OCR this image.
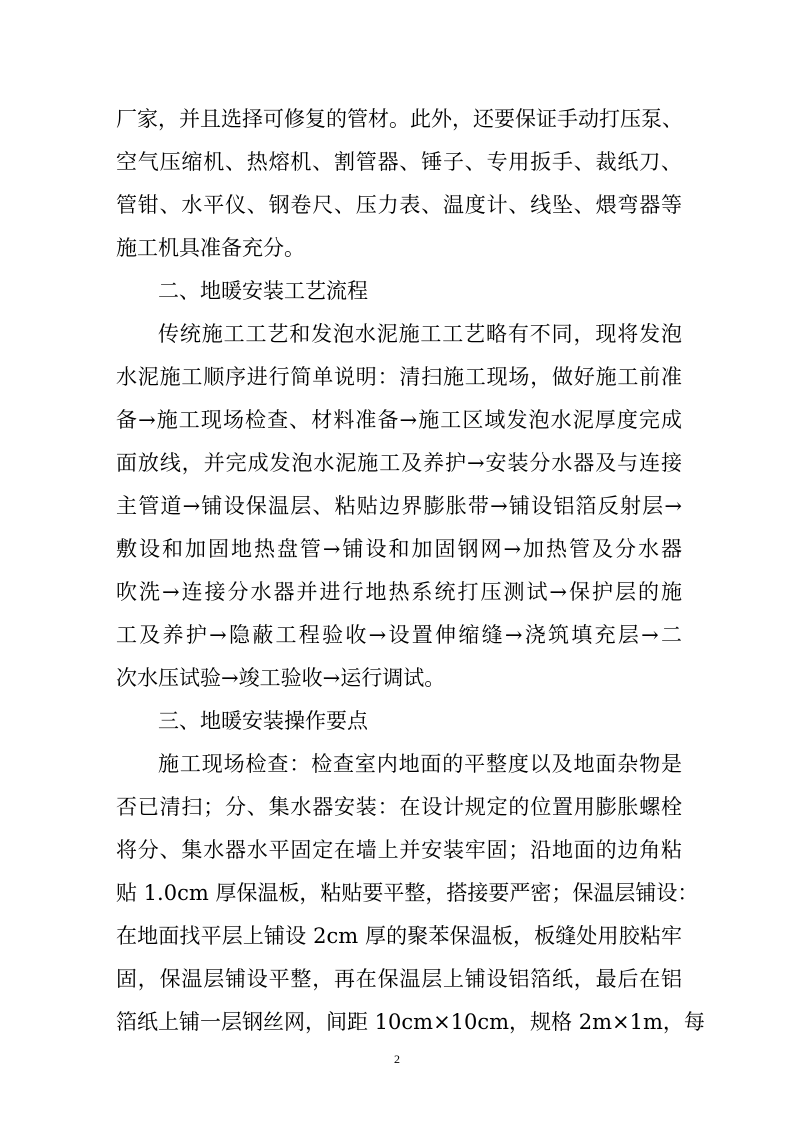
厂家，并且选择可修复的管材。此外，还要保证手动打压泵、
空气压缩机、热熔机、割管器、锤子、专用扳手、裁纸刀、
管钳、水平仪、钢卷尺、压力表、温度计、线坠、煨弯器等
施工机具准备充分。
二、地暖安装工艺流程
传统施工工艺和发泡水泥施工工艺略有不同，现将发泡
水泥施工顺序进行简单说明：清扫施工现场，做好施工前准
备→施工现场检查、材料准备→施工区域发泡水泥厚度完成
面放线，并完成发泡水泥施工及养护→安装分水器及与连接
主管道→铺设保温层、粘贴边界膨胀带→铺设铝箔反射层→
敷设和加固地热盘管→铺设和加固钢网→加热管及分水器
吹洗→连接分水器并进行地热系统打压测试→保护层的施
工及养护→隐蔽工程验收→设置伸缩缝→浇筑填充层→二
次水压试验→竣工验收→运行调试。
三、地暖安装操作要点
施工现场检查：检查室内地面的平整度以及地面杂物是
否已清扫；分、集水器安装：在设计规定的位置用膨胀螺栓
将分、集水器水平固定在墙上并安装牢固；沿地面的边角粘
贴 1.0cm 厚保温板，粘贴要平整，搭接要严密；保温层铺设：
在地面找平层上铺设 2cm 厚的聚苯保温板，板缝处用胶粘牢
固，保温层铺设平整，再在保温层上铺设铝箔纸，最后在铝
箔纸上铺一层钢丝网，间距 10cm×10cm，规格 2m×1m，每
2
